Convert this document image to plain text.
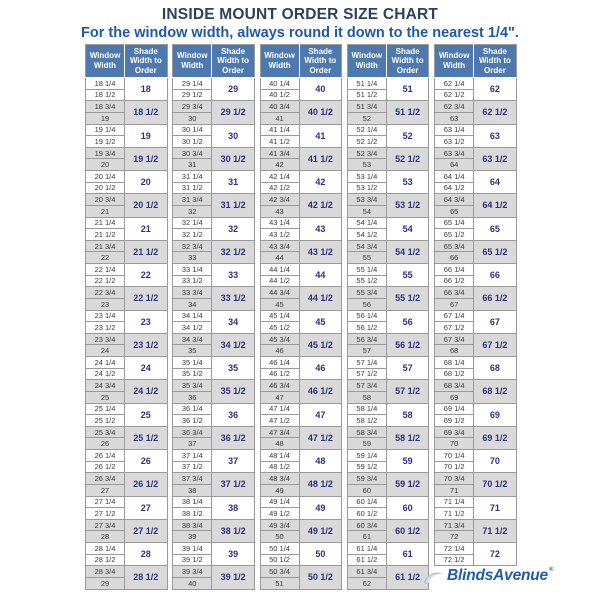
INSIDE MOUNT ORDER SIZE CHART
For the window width, always round it down to the nearest 1/4".
Window Width	Shade Width to Order
18 1/4	18
18 1/2	
18 3/4	18 1/2
19	
19 1/4	19
19 1/2	
19 3/4	19 1/2
20	
20 1/4	20
20 1/2	
20 3/4	20 1/2
21	
21 1/4	21
21 1/2	
21 3/4	21 1/2
22	
22 1/4	22
22 1/2	
22 3/4	22 1/2
23	
23 1/4	23
23 1/2	
23 3/4	23 1/2
24	
24 1/4	24
24 1/2	
24 3/4	24 1/2
25	
25 1/4	25
25 1/2	
25 3/4	25 1/2
26	
26 1/4	26
26 1/2	
26 3/4	26 1/2
27	
27 1/4	27
27 1/2	
27 3/4	27 1/2
28	
28 1/4	28
28 1/2	
28 3/4	28 1/2
29	
Window Width	Shade Width to Order
29 1/4	29
29 1/2	
29 3/4	29 1/2
30	
30 1/4	30
30 1/2	
30 3/4	30 1/2
31	
31 1/4	31
31 1/2	
31 3/4	31 1/2
32	
32 1/4	32
32 1/2	
32 3/4	32 1/2
33	
33 1/4	33
33 1/2	
33 3/4	33 1/2
34	
34 1/4	34
34 1/2	
34 3/4	34 1/2
35	
35 1/4	35
35 1/2	
35 3/4	35 1/2
36	
36 1/4	36
36 1/2	
36 3/4	36 1/2
37	
37 1/4	37
37 1/2	
37 3/4	37 1/2
38	
38 1/4	38
38 1/2	
38 3/4	38 1/2
39	
39 1/4	39
39 1/2	
39 3/4	39 1/2
40	
Window Width	Shade Width to Order
40 1/4	40
40 1/2	
40 3/4	40 1/2
41	
41 1/4	41
41 1/2	
41 3/4	41 1/2
42	
42 1/4	42
42 1/2	
42 3/4	42 1/2
43	
43 1/4	43
43 1/2	
43 3/4	43 1/2
44	
44 1/4	44
44 1/2	
44 3/4	44 1/2
45	
45 1/4	45
45 1/2	
45 3/4	45 1/2
46	
46 1/4	46
46 1/2	
46 3/4	46 1/2
47	
47 1/4	47
47 1/2	
47 3/4	47 1/2
48	
48 1/4	48
48 1/2	
48 3/4	48 1/2
49	
49 1/4	49
49 1/2	
49 3/4	49 1/2
50	
50 1/4	50
50 1/2	
50 3/4	50 1/2
51	
Window Width	Shade Width to Order
51 1/4	51
51 1/2	
51 3/4	51 1/2
52	
52 1/4	52
52 1/2	
52 3/4	52 1/2
53	
53 1/4	53
53 1/2	
53 3/4	53 1/2
54	
54 1/4	54
54 1/2	
54 3/4	54 1/2
55	
55 1/4	55
55 1/2	
55 3/4	55 1/2
56	
56 1/4	56
56 1/2	
56 3/4	56 1/2
57	
57 1/4	57
57 1/2	
57 3/4	57 1/2
58	
58 1/4	58
58 1/2	
58 3/4	58 1/2
59	
59 1/4	59
59 1/2	
59 3/4	59 1/2
60	
60 1/4	60
60 1/2	
60 3/4	60 1/2
61	
61 1/4	61
61 1/2	
61 3/4	61 1/2
62	
Window Width	Shade Width to Order
62 1/4	62
62 1/2	
62 3/4	62 1/2
63	
63 1/4	63
63 1/2	
63 3/4	63 1/2
64	
64 1/4	64
64 1/2	
64 3/4	64 1/2
65	
65 1/4	65
65 1/2	
65 3/4	65 1/2
66	
66 1/4	66
66 1/2	
66 3/4	66 1/2
67	
67 1/4	67
67 1/2	
67 3/4	67 1/2
68	
68 1/4	68
68 1/2	
68 3/4	68 1/2
69	
69 1/4	69
69 1/2	
69 3/4	69 1/2
70	
70 1/4	70
70 1/2	
70 3/4	70 1/2
71	
71 1/4	71
71 1/2	
71 3/4	71 1/2
72	
72 1/4	72
72 1/2	
BlindsAvenue ®
